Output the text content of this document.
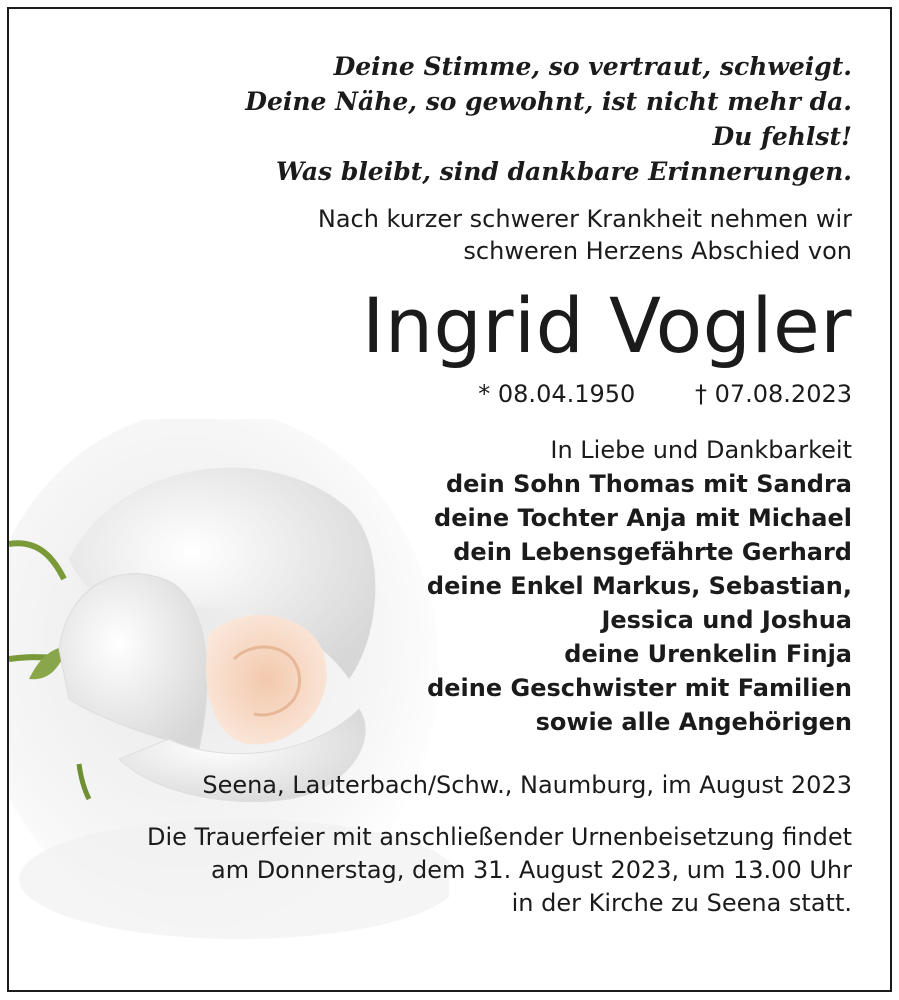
Deine Stimme, so vertraut, schweigt.
Deine Nähe, so gewohnt, ist nicht mehr da.
Du fehlst!
Was bleibt, sind dankbare Erinnerungen.
Nach kurzer schwerer Krankheit nehmen wir
schweren Herzens Abschied von
Ingrid Vogler
* 08.04.1950 † 07.08.2023
In Liebe und Dankbarkeit
dein Sohn Thomas mit Sandra
deine Tochter Anja mit Michael
dein Lebensgefährte Gerhard
deine Enkel Markus, Sebastian,
Jessica und Joshua
deine Urenkelin Finja
deine Geschwister mit Familien
sowie alle Angehörigen
Seena, Lauterbach/Schw., Naumburg, im August 2023
Die Trauerfeier mit anschließender Urnenbeisetzung findet
am Donnerstag, dem 31. August 2023, um 13.00 Uhr
in der Kirche zu Seena statt.
